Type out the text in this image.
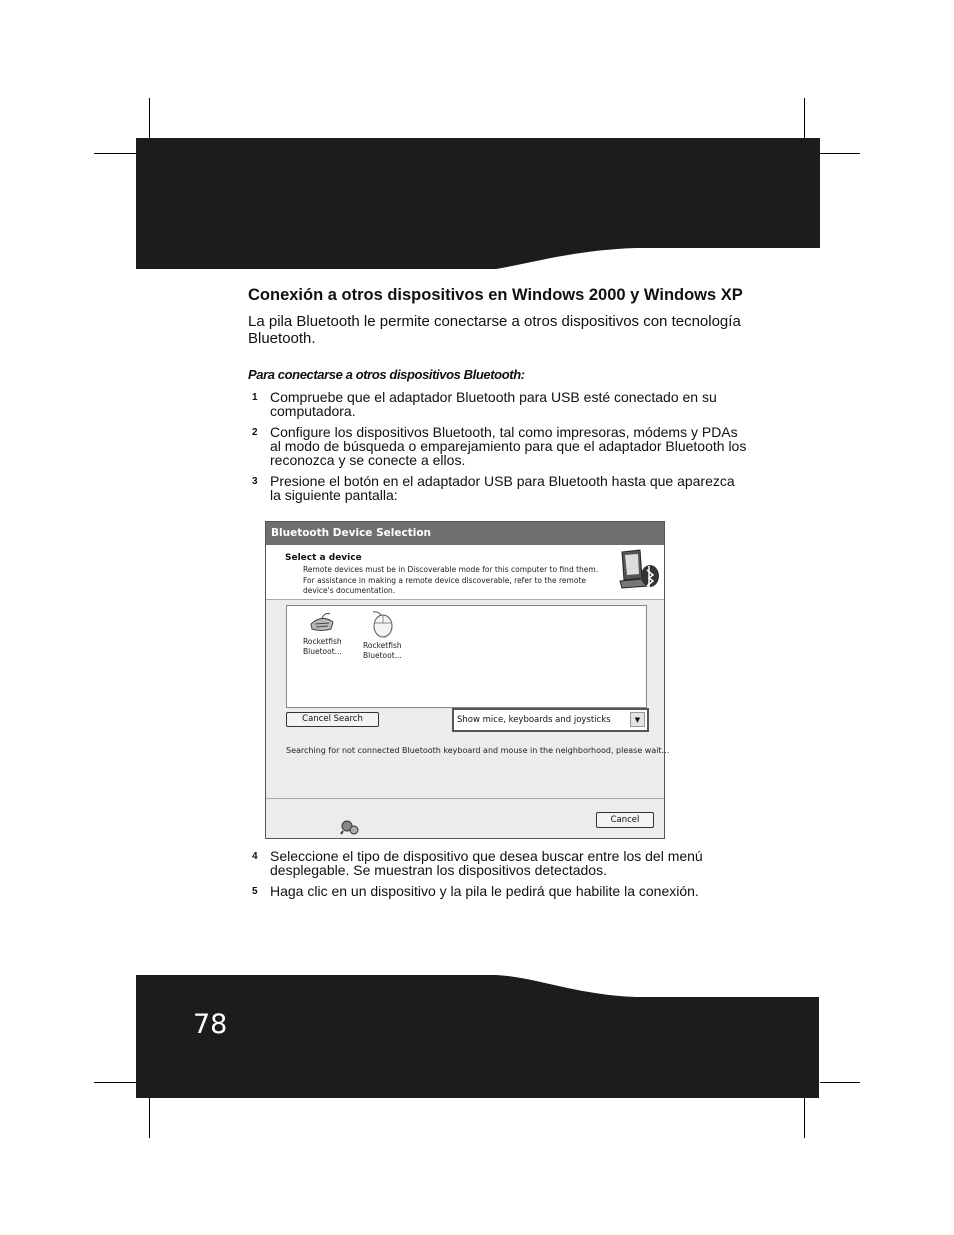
78
Conexión a otros dispositivos en Windows 2000 y Windows XP

La pila Bluetooth le permite conectarse a otros dispositivos con tecnología Bluetooth.

Para conectarse a otros dispositivos Bluetooth:

1 Compruebe que el adaptador Bluetooth para USB esté conectado en su computadora.
2 Configure los dispositivos Bluetooth, tal como impresoras, módems y PDAs al modo de búsqueda o emparejamiento para que el adaptador Bluetooth los reconozca y se conecte a ellos.
3 Presione el botón en el adaptador USB para Bluetooth hasta que aparezca la siguiente pantalla:
Bluetooth Device Selection
Select a device
Remote devices must be in Discoverable mode for this computer to find them. For assistance in making a remote device discoverable, refer to the remote device's documentation.
Rocketfish
Bluetoot...
Rocketfish
Bluetoot...
Cancel Search	Show mice, keyboards and joysticks	▼
Searching for not connected Bluetooth keyboard and mouse in the neighborhood, please wait...
Cancel
4 Seleccione el tipo de dispositivo que desea buscar entre los del menú desplegable. Se muestran los dispositivos detectados.
5 Haga clic en un dispositivo y la pila le pedirá que habilite la conexión.
